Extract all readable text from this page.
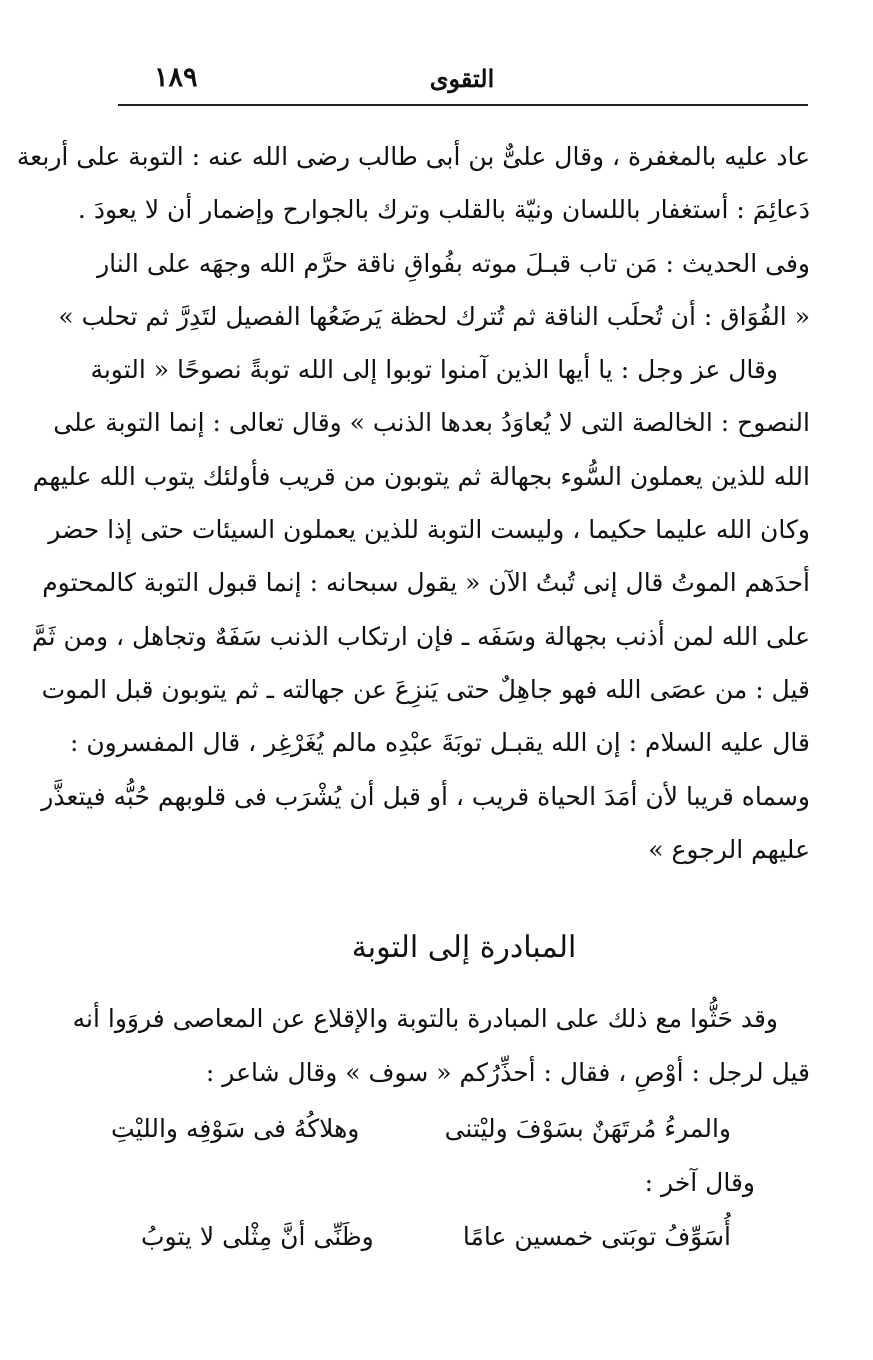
التقوى
١٨٩
عاد عليه بالمغفرة ، وقال علىٌّ بن أبى طالب رضى الله عنه : التوبة على أربعة
دَعائِمَ : أستغفار باللسان ونيّة بالقلب وترك بالجوارح وإضمار أن لا يعودَ .
وفى الحديث : مَن تاب قبـلَ موته بفُواقِ ناقة حرَّم الله وجهَه على النار
« الفُوَاق : أن تُحلَب الناقة ثم تُترك لحظة يَرضَعُها الفصيل لتَدِرَّ ثم تحلب »
وقال عز وجل : يا أيها الذين آمنوا توبوا إلى الله توبةً نصوحًا « التوبة
النصوح : الخالصة التى لا يُعاوَدُ بعدها الذنب » وقال تعالى : إنما التوبة على
الله للذين يعملون السُّوء بجهالة ثم يتوبون من قريب فأولئك يتوب الله عليهم
وكان الله عليما حكيما ، وليست التوبة للذين يعملون السيئات حتى إذا حضر
أحدَهم الموتُ قال إنى تُبتُ الآن « يقول سبحانه : إنما قبول التوبة كالمحتوم
على الله لمن أذنب بجهالة وسَفَه ـ فإن ارتكاب الذنب سَفَهٌ وتجاهل ، ومن ثَمَّ
قيل : من عصَى الله فهو جاهِلٌ حتى يَنزِعَ عن جهالته ـ ثم يتوبون قبل الموت
قال عليه السلام : إن الله يقبـل توبَةَ عبْدِه مالم يُغَرْغِر ، قال المفسرون :
وسماه قريبا لأن أمَدَ الحياة قريب ، أو قبل أن يُشْرَب فى قلوبهم حُبُّه فيتعذَّر
عليهم الرجوع »
المبادرة إلى التوبة
وقد حَثُّوا مع ذلك على المبادرة بالتوبة والإقلاع عن المعاصى فروَوا أنه
قيل لرجل : أوْصِ ، فقال : أحذِّرُكم « سوف » وقال شاعر :
والمرءُ مُرتَهَنٌ بسَوْفَ وليْتنى
وهلاكُهُ فى سَوْفِه والليْتِ
وقال آخر :
أُسَوِّفُ توبَتى خمسين عامًا
وظَنِّى أنَّ مِثْلى لا يتوبُ
